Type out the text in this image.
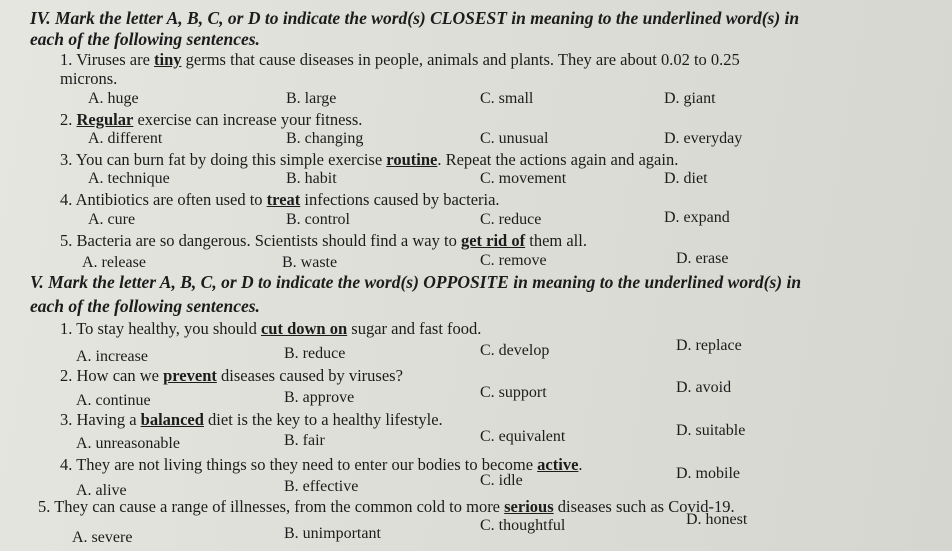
IV. Mark the letter A, B, C, or D to indicate the word(s) CLOSEST in meaning to the underlined word(s) in
each of the following sentences.
1. Viruses are tiny germs that cause diseases in people, animals and plants. They are about 0.02 to 0.25
microns.
A. huge	B. large	C. small	D. giant
2. Regular exercise can increase your fitness.
A. different	B. changing	C. unusual	D. everyday
3. You can burn fat by doing this simple exercise routine. Repeat the actions again and again.
A. technique	B. habit	C. movement	D. diet
4. Antibiotics are often used to treat infections caused by bacteria.
A. cure	B. control	C. reduce	D. expand
5. Bacteria are so dangerous. Scientists should find a way to get rid of them all.
A. release	B. waste	C. remove	D. erase
V. Mark the letter A, B, C, or D to indicate the word(s) OPPOSITE in meaning to the underlined word(s) in
each of the following sentences.
1. To stay healthy, you should cut down on sugar and fast food.
A. increase	B. reduce	C. develop	D. replace
2. How can we prevent diseases caused by viruses?
A. continue	B. approve	C. support	D. avoid
3. Having a balanced diet is the key to a healthy lifestyle.
A. unreasonable	B. fair	C. equivalent	D. suitable
4. They are not living things so they need to enter our bodies to become active.
A. alive	B. effective	C. idle	D. mobile
5. They can cause a range of illnesses, from the common cold to more serious diseases such as Covid-19.
A. severe	B. unimportant	C. thoughtful	D. honest
